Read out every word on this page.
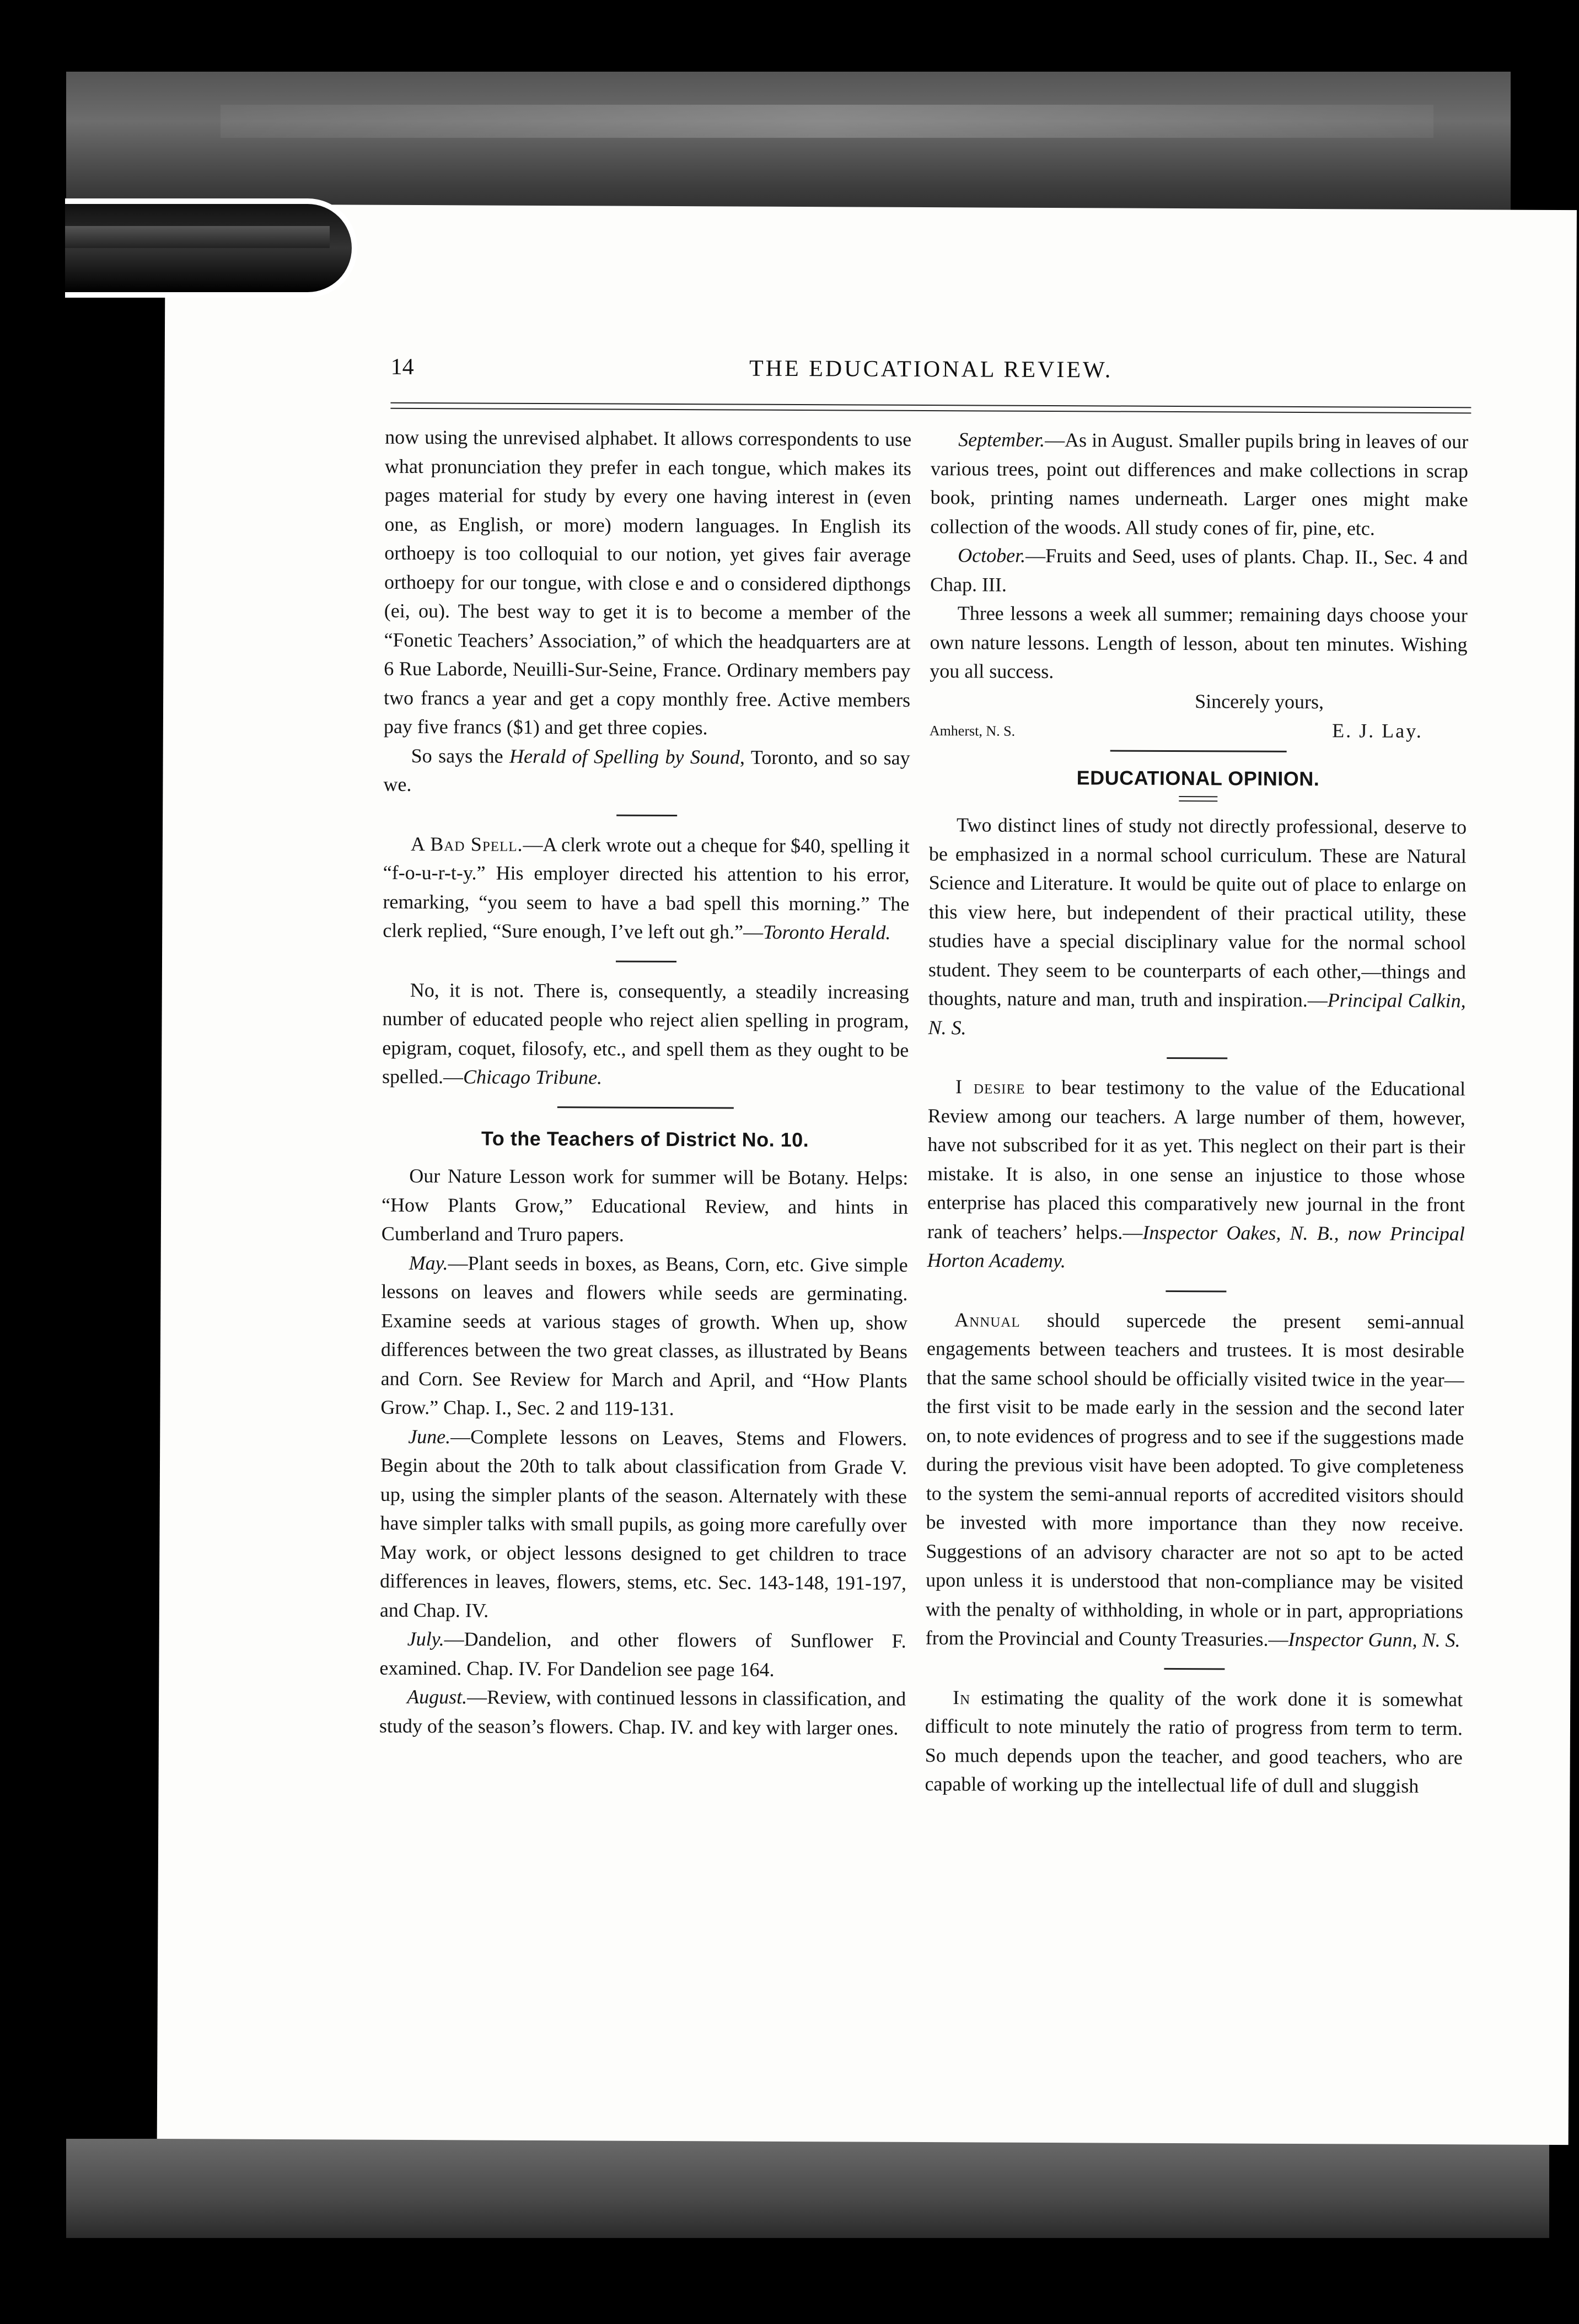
14	THE EDUCATIONAL REVIEW.

now using the unrevised alphabet. It allows correspondents to use what pronunciation they prefer in each tongue, which makes its pages material for study by every one having interest in (even one, as English, or more) modern languages. In English its orthoepy is too colloquial to our notion, yet gives fair average orthoepy for our tongue, with close e and o considered dipthongs (ei, ou). The best way to get it is to become a member of the “Fonetic Teachers’ Association,” of which the headquarters are at 6 Rue Laborde, Neuilli-Sur-Seine, France. Ordinary members pay two francs a year and get a copy monthly free. Active members pay five francs ($1) and get three copies.

So says the Herald of Spelling by Sound, Toronto, and so say we.

A Bad Spell.—A clerk wrote out a cheque for $40, spelling it “f-o-u-r-t-y.” His employer directed his attention to his error, remarking, “you seem to have a bad spell this morning.” The clerk replied, “Sure enough, I’ve left out gh.”—Toronto Herald.

No, it is not. There is, consequently, a steadily increasing number of educated people who reject alien spelling in program, epigram, coquet, filosofy, etc., and spell them as they ought to be spelled.—Chicago Tribune.

To the Teachers of District No. 10.

Our Nature Lesson work for summer will be Botany. Helps: “How Plants Grow,” Educational Review, and hints in Cumberland and Truro papers.

May.—Plant seeds in boxes, as Beans, Corn, etc. Give simple lessons on leaves and flowers while seeds are germinating. Examine seeds at various stages of growth. When up, show differences between the two great classes, as illustrated by Beans and Corn. See Review for March and April, and “How Plants Grow.” Chap. I., Sec. 2 and 119-131.

June.—Complete lessons on Leaves, Stems and Flowers. Begin about the 20th to talk about classification from Grade V. up, using the simpler plants of the season. Alternately with these have simpler talks with small pupils, as going more carefully over May work, or object lessons designed to get children to trace differences in leaves, flowers, stems, etc. Sec. 143-148, 191-197, and Chap. IV.

July.—Dandelion, and other flowers of Sunflower F. examined. Chap. IV. For Dandelion see page 164.

August.—Review, with continued lessons in classification, and study of the season’s flowers. Chap. IV. and key with larger ones.

September.—As in August. Smaller pupils bring in leaves of our various trees, point out differences and make collections in scrap book, printing names underneath. Larger ones might make collection of the woods. All study cones of fir, pine, etc.

October.—Fruits and Seed, uses of plants. Chap. II., Sec. 4 and Chap. III.

Three lessons a week all summer; remaining days choose your own nature lessons. Length of lesson, about ten minutes. Wishing you all success.

Sincerely yours,

Amherst, N. S.	E. J. Lay.
EDUCATIONAL OPINION.

Two distinct lines of study not directly professional, deserve to be emphasized in a normal school curriculum. These are Natural Science and Literature. It would be quite out of place to enlarge on this view here, but independent of their practical utility, these studies have a special disciplinary value for the normal school student. They seem to be counterparts of each other,—things and thoughts, nature and man, truth and inspiration.—Principal Calkin, N. S.

I desire to bear testimony to the value of the Educational Review among our teachers. A large number of them, however, have not subscribed for it as yet. This neglect on their part is their mistake. It is also, in one sense an injustice to those whose enterprise has placed this comparatively new journal in the front rank of teachers’ helps.—Inspector Oakes, N. B., now Principal Horton Academy.

Annual should supercede the present semi-annual engagements between teachers and trustees. It is most desirable that the same school should be officially visited twice in the year—the first visit to be made early in the session and the second later on, to note evidences of progress and to see if the suggestions made during the previous visit have been adopted. To give completeness to the system the semi-annual reports of accredited visitors should be invested with more importance than they now receive. Suggestions of an advisory character are not so apt to be acted upon unless it is understood that non-compliance may be visited with the penalty of withholding, in whole or in part, appropriations from the Provincial and County Treasuries.—Inspector Gunn, N. S.

In estimating the quality of the work done it is somewhat difficult to note minutely the ratio of progress from term to term. So much depends upon the teacher, and good teachers, who are capable of working up the intellectual life of dull and sluggish
